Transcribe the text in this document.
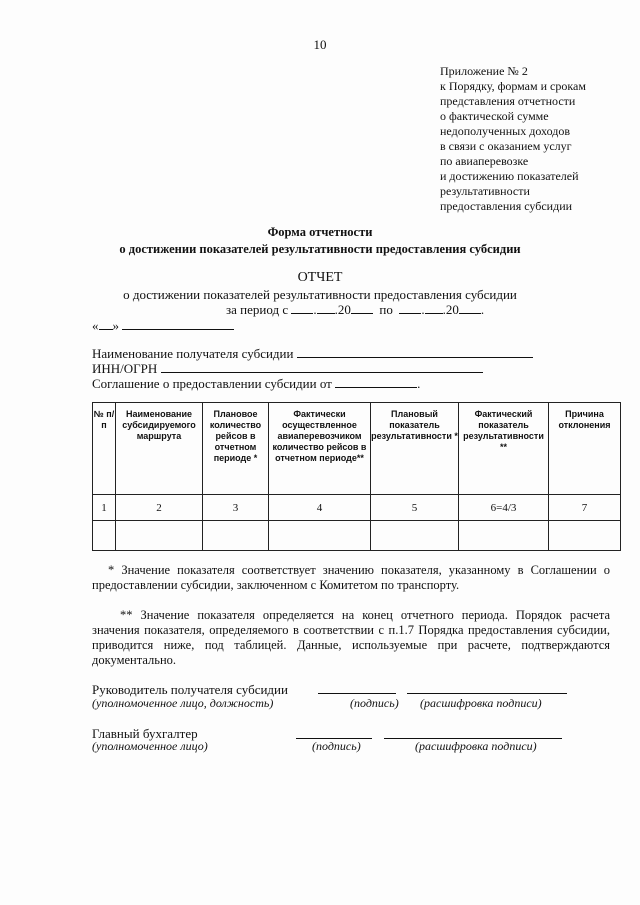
10
Приложение № 2
к Порядку, формам и срокам
представления отчетности
о фактической сумме
недополученных доходов
в связи с оказанием услуг
по авиаперевозке
и достижению показателей
результативности
предоставления субсидии
Форма отчетности
о достижении показателей результативности предоставления субсидии
ОТЧЕТ
о достижении показателей результативности предоставления субсидии
за период с . .20 по . .20 .
« »
Наименование получателя субсидии
ИНН/ОГРН
Соглашение о предоставлении субсидии от	.
№ п/п	Наименование субсидируемого маршрута	Плановое количество рейсов в отчетном периоде *	Фактически осуществленное авиаперевозчиком количество рейсов в отчетном периоде**	Плановый показатель результативности *	Фактический показатель результативности **	Причина отклонения
1	2	3	4	5	6=4/3	7

* Значение показателя соответствует значению показателя, указанному в Соглашении о предоставлении субсидии, заключенном с Комитетом по транспорту.
** Значение показателя определяется на конец отчетного периода. Порядок расчета значения показателя, определяемого в соответствии с п.1.7 Порядка предоставления субсидии, приводится ниже, под таблицей. Данные, используемые при расчете, подтверждаются документально.
Руководитель получателя субсидии
(уполномоченное лицо, должность)	(подпись) (расшифровка подписи)
Главный бухгалтер
(уполномоченное лицо)	(подпись)	(расшифровка подписи)
